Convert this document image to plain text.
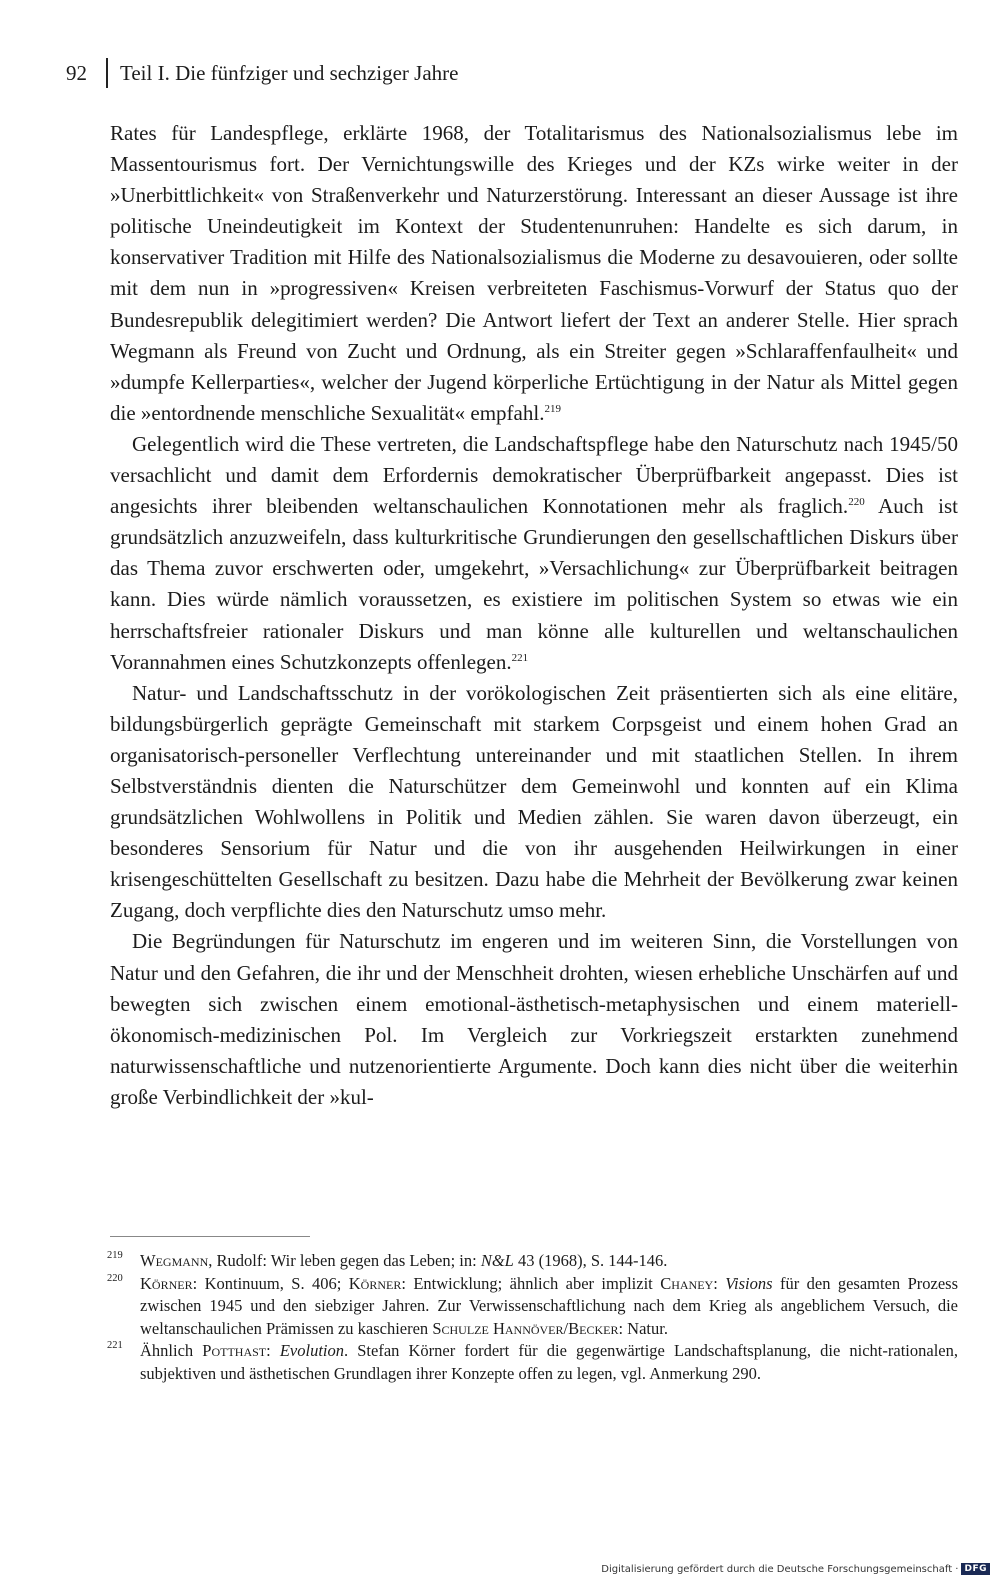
92	Teil I. Die fünfziger und sechziger Jahre

Rates für Landespflege, erklärte 1968, der Totalitarismus des Nationalsozialismus lebe im Massentourismus fort. Der Vernichtungswille des Krieges und der KZs wirke weiter in der »Unerbittlichkeit« von Straßenverkehr und Naturzerstörung. Interessant an dieser Aussage ist ihre politische Uneindeutigkeit im Kontext der Studentenunruhen: Handelte es sich darum, in konservativer Tradition mit Hilfe des Nationalsozialismus die Moderne zu desavouieren, oder sollte mit dem nun in »progressiven« Kreisen verbreiteten Faschismus-Vorwurf der Status quo der Bundesrepublik delegitimiert werden? Die Antwort liefert der Text an anderer Stelle. Hier sprach Wegmann als Freund von Zucht und Ordnung, als ein Streiter gegen »Schlaraffenfaulheit« und »dumpfe Kellerparties«, welcher der Jugend körperliche Ertüchtigung in der Natur als Mittel gegen die »entordnende menschliche Sexualität« empfahl.$^{219}$

Gelegentlich wird die These vertreten, die Landschaftspflege habe den Naturschutz nach 1945/50 versachlicht und damit dem Erfordernis demokratischer Überprüfbarkeit angepasst. Dies ist angesichts ihrer bleibenden weltanschaulichen Konnotationen mehr als fraglich.$^{220}$ Auch ist grundsätzlich anzuzweifeln, dass kulturkritische Grundierungen den gesellschaftlichen Diskurs über das Thema zuvor erschwerten oder, umgekehrt, »Versachlichung« zur Überprüfbarkeit beitragen kann. Dies würde nämlich voraussetzen, es existiere im politischen System so etwas wie ein herrschaftsfreier rationaler Diskurs und man könne alle kulturellen und weltanschaulichen Vorannahmen eines Schutzkonzepts offenlegen.$^{221}$

Natur- und Landschaftsschutz in der vorökologischen Zeit präsentierten sich als eine elitäre, bildungsbürgerlich geprägte Gemeinschaft mit starkem Corpsgeist und einem hohen Grad an organisatorisch-personeller Verflechtung untereinander und mit staatlichen Stellen. In ihrem Selbstverständnis dienten die Naturschützer dem Gemeinwohl und konnten auf ein Klima grundsätzlichen Wohlwollens in Politik und Medien zählen. Sie waren davon überzeugt, ein besonderes Sensorium für Natur und die von ihr ausgehenden Heilwirkungen in einer krisengeschüttelten Gesellschaft zu besitzen. Dazu habe die Mehrheit der Bevölkerung zwar keinen Zugang, doch verpflichte dies den Naturschutz umso mehr.

Die Begründungen für Naturschutz im engeren und im weiteren Sinn, die Vorstellungen von Natur und den Gefahren, die ihr und der Menschheit drohten, wiesen erhebliche Unschärfen auf und bewegten sich zwischen einem emotional-ästhetisch-metaphysischen und einem materiell-ökonomisch-medizinischen Pol. Im Vergleich zur Vorkriegszeit erstarkten zunehmend naturwissenschaftliche und nutzenorientierte Argumente. Doch kann dies nicht über die weiterhin große Verbindlichkeit der »kul-

219	Wegmann, Rudolf: Wir leben gegen das Leben; in: N&L 43 (1968), S. 144-146.
220	Körner: Kontinuum, S. 406; Körner: Entwicklung; ähnlich aber implizit Chaney: Visions für den gesamten Prozess zwischen 1945 und den siebziger Jahren. Zur Verwissenschaftlichung nach dem Krieg als angeblichem Versuch, die weltanschaulichen Prämissen zu kaschieren Schulze Hannöver/Becker: Natur.
221	Ähnlich Potthast: Evolution. Stefan Körner fordert für die gegenwärtige Landschaftsplanung, die nicht-rationalen, subjektiven und ästhetischen Grundlagen ihrer Konzepte offen zu legen, vgl. Anmerkung 290.
Digitalisierung gefördert durch die Deutsche Forschungsgemeinschaft · DFG
